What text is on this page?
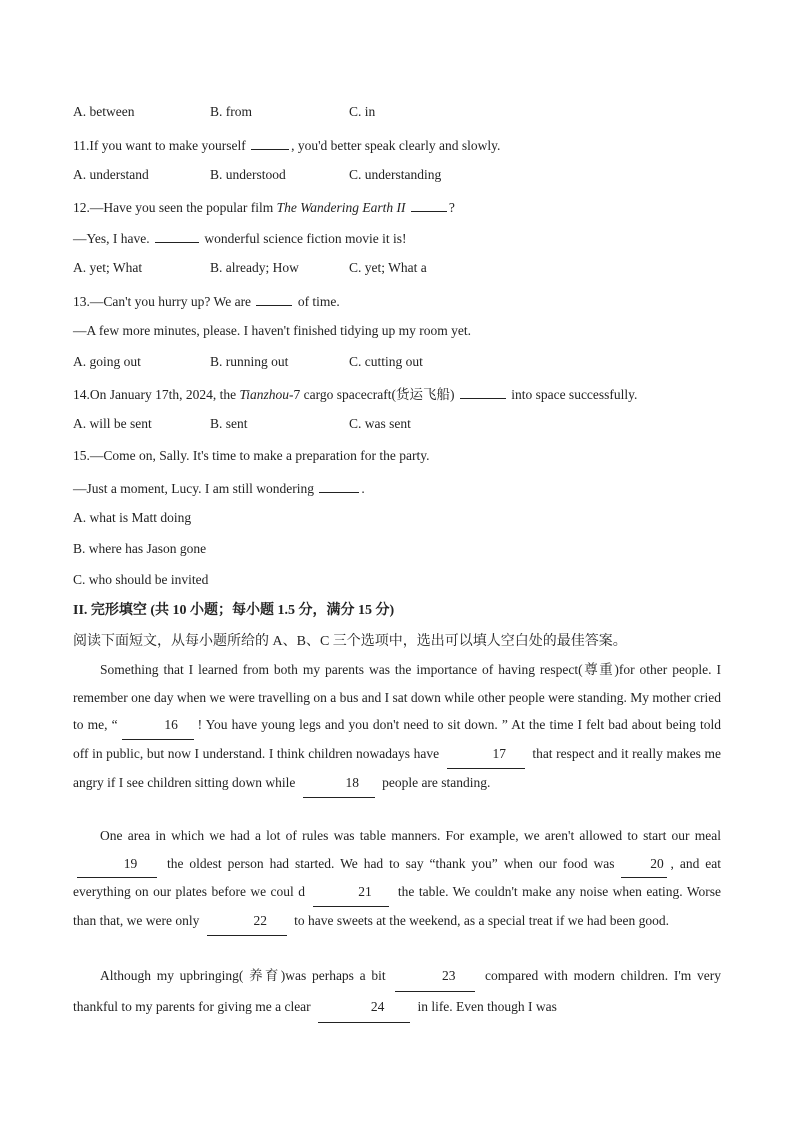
A. between	B. from	C. in
11.If you want to make yourself	, you'd better speak clearly and slowly.
A. understand	B. understood	C. understanding
12.—Have you seen the popular film The Wandering Earth II	?
—Yes, I have.	wonderful science fiction movie it is!
A. yet; What	B. already; How	C. yet; What a
13.—Can't you hurry up? We are	of time.
—A few more minutes, please. I haven't finished tidying up my room yet.
A. going out	B. running out	C. cutting out
14.On January 17th, 2024, the Tianzhou-7 cargo spacecraft(货运飞船)	into space successfully.
A. will be sent	B. sent	C. was sent
15.—Come on, Sally. It's time to make a preparation for the party.
—Just a moment, Lucy. I am still wondering	.
A. what is Matt doing
B. where has Jason gone
C. who should be invited
II. 完形填空 (共 10 小题；每小题 1.5 分，满分 15 分)
阅读下面短文，从每小题所给的 A、B、C 三个选项中，选出可以填人空白处的最佳答案。
Something that I learned from both my parents was the importance of having respect(尊重)for other people. I remember one day when we were travelling on a bus and I sat down while other people were standing. My mother cried to me, “	16 ! You have young legs and you don't need to sit down. ” At the time I felt bad about being told off in public, but now I understand. I think children nowadays have	17 that respect and it really makes me angry if I see children sitting down while	18 people are standing.
One area in which we had a lot of rules was table manners. For example, we aren't allowed to start our meal 19 the oldest person had started. We had to say “thank you” when our food was	20 , and eat everything on our plates before we coul d	21 the table. We couldn't make any noise when eating. Worse than that, we were only	22 to have sweets at the weekend, as a special treat if we had been good.
Although my upbringing( 养育)was perhaps a bit	23 compared with modern children. I'm very thankful to my parents for giving me a clear	24 in life. Even though I was
